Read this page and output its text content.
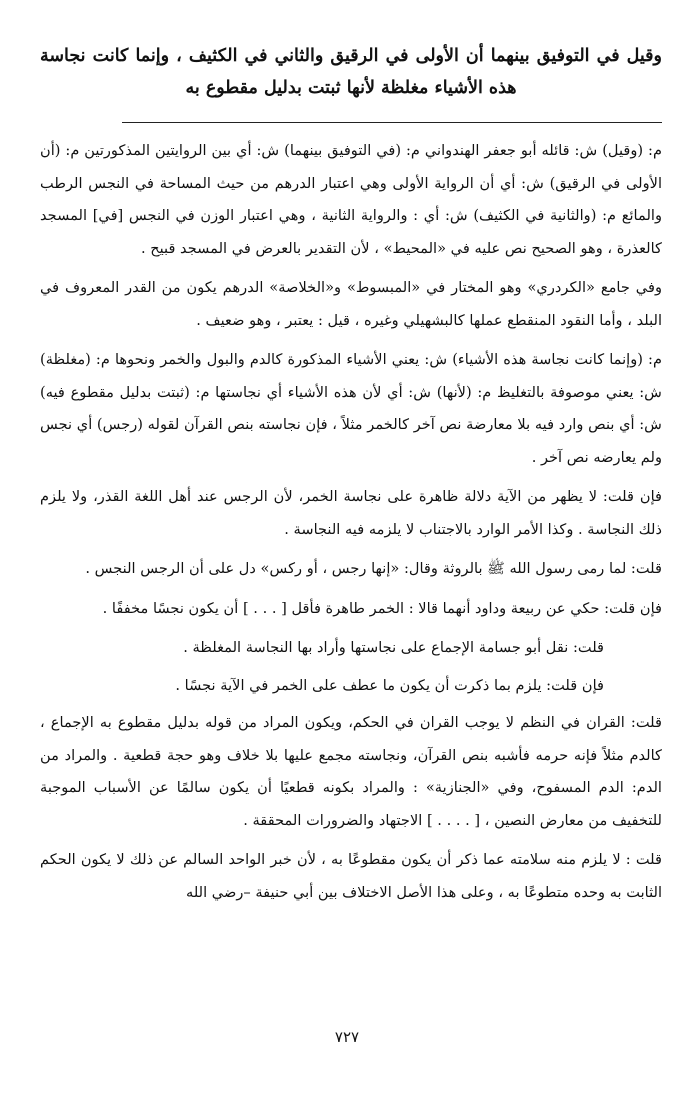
وقيل في التوفيق بينهما أن الأولى في الرقيق والثاني في الكثيف ، وإنما كانت نجاسة هذه الأشياء مغلظة لأنها ثبتت بدليل مقطوع به

م: (وقيل) ش: قائله أبو جعفر الهندواني م: (في التوفيق بينهما) ش: أي بين الروايتين المذكورتين م: (أن الأولى في الرقيق) ش: أي أن الرواية الأولى وهي اعتبار الدرهم من حيث المساحة في النجس الرطب والمائع م: (والثانية في الكثيف) ش: أي : والرواية الثانية ، وهي اعتبار الوزن في النجس [في] المسجد كالعذرة ، وهو الصحيح نص عليه في «المحيط» ، لأن التقدير بالعرض في المسجد قبيح .

وفي جامع «الكردري» وهو المختار في «المبسوط» و«الخلاصة» الدرهم يكون من القدر المعروف في البلد ، وأما النقود المنقطع عملها كالبشهيلي وغيره ، قيل : يعتبر ، وهو ضعيف .

م: (وإنما كانت نجاسة هذه الأشياء) ش: يعني الأشياء المذكورة كالدم والبول والخمر ونحوها م: (مغلظة) ش: يعني موصوفة بالتغليظ م: (لأنها) ش: أي لأن هذه الأشياء أي نجاستها م: (ثبتت بدليل مقطوع فيه) ش: أي بنص وارد فيه بلا معارضة نص آخر كالخمر مثلاً ، فإن نجاسته بنص القرآن لقوله (رجس) أي نجس ولم يعارضه نص آخر .

فإن قلت: لا يظهر من الآية دلالة ظاهرة على نجاسة الخمر، لأن الرجس عند أهل اللغة القذر، ولا يلزم ذلك النجاسة . وكذا الأمر الوارد بالاجتناب لا يلزمه فيه النجاسة .

قلت: لما رمى رسول الله ﷺ بالروثة وقال: «إنها رجس ، أو ركس» دل على أن الرجس النجس .

فإن قلت: حكي عن ربيعة وداود أنهما قالا : الخمر طاهرة فأقل [ . . . ] أن يكون نجسًا مخففًا .

قلت: نقل أبو جسامة الإجماع على نجاستها وأراد بها النجاسة المغلظة .

فإن قلت: يلزم بما ذكرت أن يكون ما عطف على الخمر في الآية نجسًا .

قلت: القران في النظم لا يوجب القران في الحكم، ويكون المراد من قوله بدليل مقطوع به الإجماع ، كالدم مثلاً فإنه حرمه فأشبه بنص القرآن، ونجاسته مجمع عليها بلا خلاف وهو حجة قطعية . والمراد من الدم: الدم المسفوح، وفي «الجنازية» : والمراد بكونه قطعيًا أن يكون سالمًا عن الأسباب الموجبة للتخفيف من معارض النصين ، [ . . . . ] الاجتهاد والضرورات المحققة .

قلت : لا يلزم منه سلامته عما ذكر أن يكون مقطوعًا به ، لأن خبر الواحد السالم عن ذلك لا يكون الحكم الثابت به وحده متطوعًا به ، وعلى هذا الأصل الاختلاف بين أبي حنيفة –رضي الله

٧٢٧
